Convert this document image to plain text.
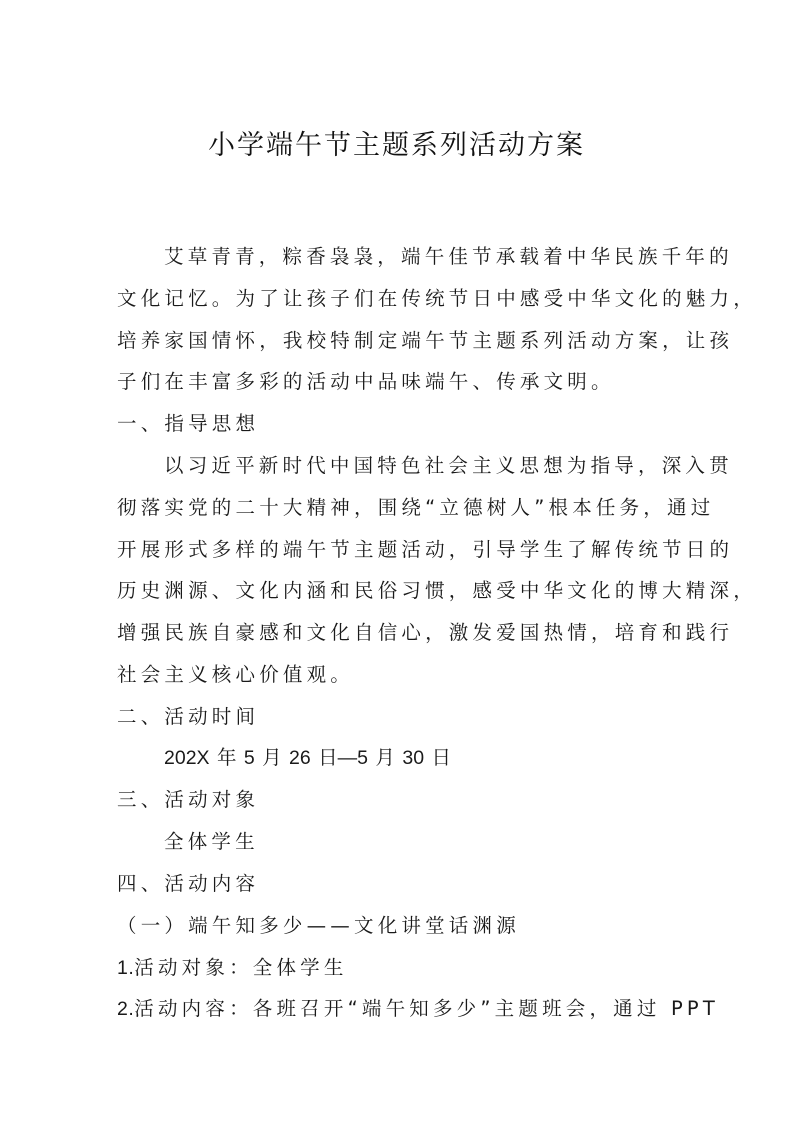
小学端午节主题系列活动方案
艾草青青，粽香袅袅，端午佳节承载着中华民族千年的
文化记忆。为了让孩子们在传统节日中感受中华文化的魅力，
培养家国情怀，我校特制定端午节主题系列活动方案，让孩
子们在丰富多彩的活动中品味端午、传承文明。
一、指导思想
以习近平新时代中国特色社会主义思想为指导，深入贯
彻落实党的二十大精神，围绕“立德树人”根本任务，通过
开展形式多样的端午节主题活动，引导学生了解传统节日的
历史渊源、文化内涵和民俗习惯，感受中华文化的博大精深，
增强民族自豪感和文化自信心，激发爱国热情，培育和践行
社会主义核心价值观。
二、活动时间
202X 年 5 月 26 日—5 月 30 日
三、活动对象
全体学生
四、活动内容
（一）端午知多少——文化讲堂话渊源
1.活动对象：全体学生
2.活动内容：各班召开“端午知多少”主题班会，通过 PPT
